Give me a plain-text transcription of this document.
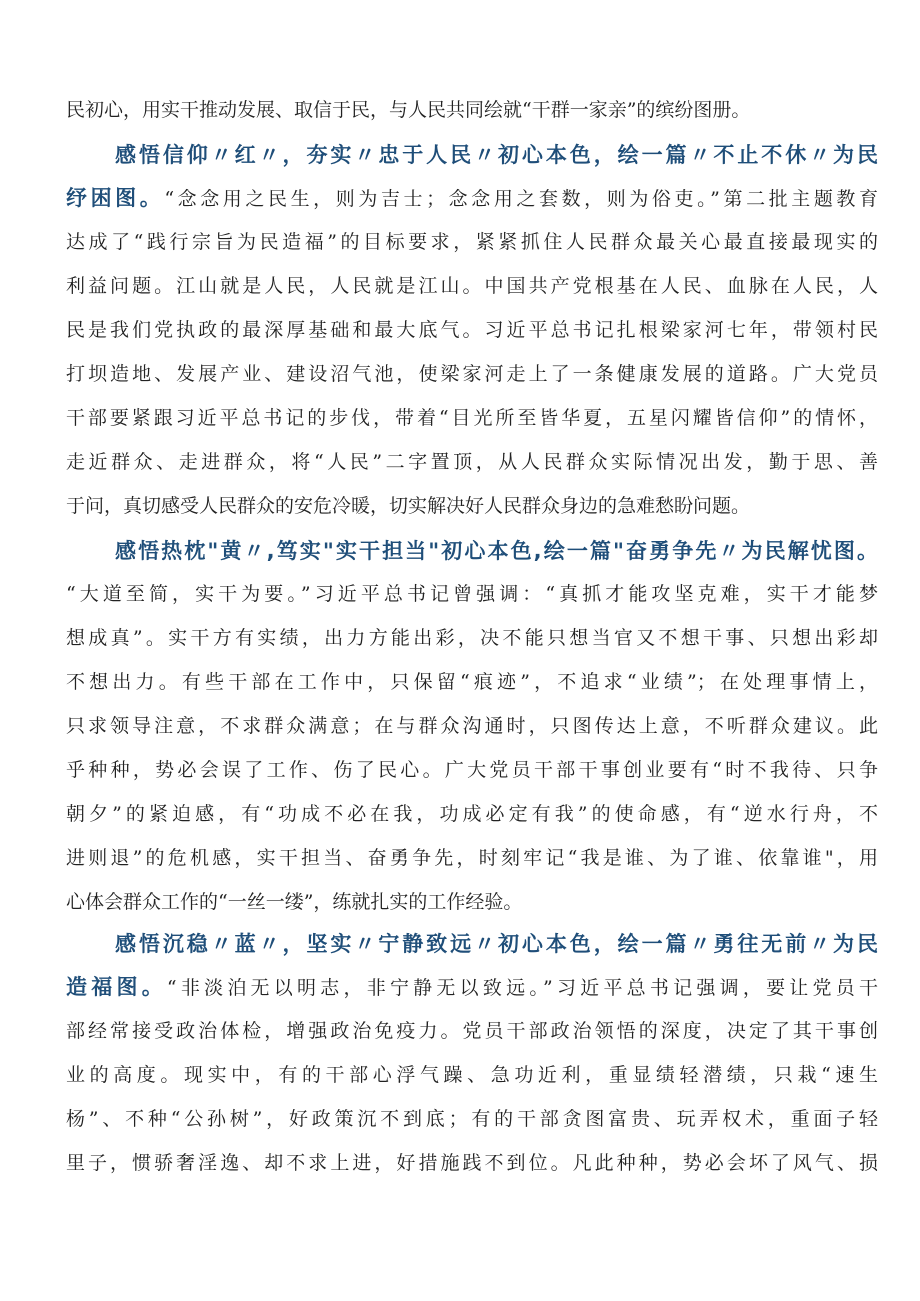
民初心，用实干推动发展、取信于民，与人民共同绘就“干群一家亲”的缤纷图册。
感悟信仰〃红〃，夯实〃忠于人民〃初心本色，绘一篇〃不止不休〃为民
纾困图。“念念用之民生，则为吉士；念念用之套数，则为俗吏。”第二批主题教育
达成了“践行宗旨为民造福”的目标要求，紧紧抓住人民群众最关心最直接最现实的
利益问题。江山就是人民，人民就是江山。中国共产党根基在人民、血脉在人民，人
民是我们党执政的最深厚基础和最大底气。习近平总书记扎根梁家河七年，带领村民
打坝造地、发展产业、建设沼气池，使梁家河走上了一条健康发展的道路。广大党员
干部要紧跟习近平总书记的步伐，带着“目光所至皆华夏，五星闪耀皆信仰”的情怀，
走近群众、走进群众，将“人民”二字置顶，从人民群众实际情况出发，勤于思、善
于问，真切感受人民群众的安危冷暖，切实解决好人民群众身边的急难愁盼问题。
感悟热枕"黄〃,笃实"实干担当"初心本色,绘一篇"奋勇争先〃为民解忧图。
“大道至简，实干为要。”习近平总书记曾强调：“真抓才能攻坚克难，实干才能梦
想成真”。实干方有实绩，出力方能出彩，决不能只想当官又不想干事、只想出彩却
不想出力。有些干部在工作中，只保留“痕迹”，不追求“业绩”；在处理事情上，
只求领导注意，不求群众满意；在与群众沟通时，只图传达上意，不听群众建议。此
乎种种，势必会误了工作、伤了民心。广大党员干部干事创业要有“时不我待、只争
朝夕”的紧迫感，有“功成不必在我，功成必定有我”的使命感，有“逆水行舟，不
进则退”的危机感，实干担当、奋勇争先，时刻牢记“我是谁、为了谁、依靠谁"，用
心体会群众工作的“一丝一缕”，练就扎实的工作经验。
感悟沉稳〃蓝〃，坚实〃宁静致远〃初心本色，绘一篇〃勇往无前〃为民
造福图。“非淡泊无以明志，非宁静无以致远。”习近平总书记强调，要让党员干
部经常接受政治体检，增强政治免疫力。党员干部政治领悟的深度，决定了其干事创
业的高度。现实中，有的干部心浮气躁、急功近利，重显绩轻潜绩，只栽“速生
杨”、不种“公孙树”，好政策沉不到底；有的干部贪图富贵、玩弄权术，重面子轻
里子，惯骄奢淫逸、却不求上进，好措施践不到位。凡此种种，势必会坏了风气、损
